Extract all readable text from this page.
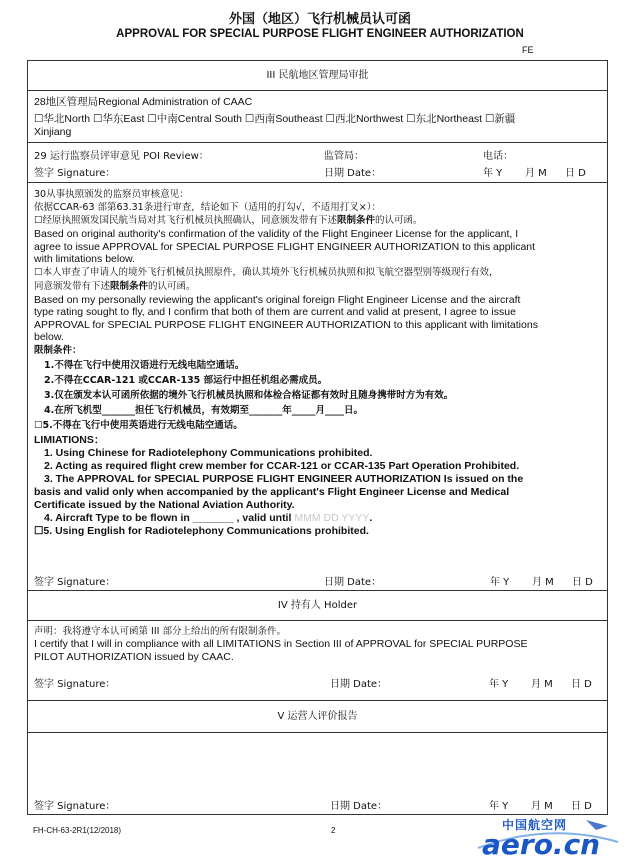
外国（地区）飞行机械员认可函
APPROVAL FOR SPECIAL PURPOSE FLIGHT ENGINEER AUTHORIZATION
FE
III 民航地区管理局审批
28地区管理局Regional Administration of CAAC
☐华北North ☐华东East ☐中南Central South ☐西南Southeast ☐西北Northwest ☐东北Northeast ☐新疆
Xinjiang
29 运行监察员评审意见 POI Review：	监管局：	电话：
签字 Signature：	日期 Date：	年 Y	月 M	日 D
30从事执照颁发的监察员审核意见：
依据CCAR-63 部第63.31条进行审查，结论如下（适用的打勾√，不适用打叉×）：
☐经原执照颁发国民航当局对其飞行机械员执照确认，同意颁发带有下述限制条件的认可函。
Based on original authority's confirmation of the validity of the Flight Engineer License for the applicant, I
agree to issue APPROVAL for SPECIAL PURPOSE FLIGHT ENGINEER AUTHORIZATION to this applicant
with limitations below.
☐本人审查了申请人的境外飞行机械员执照原件，确认其境外飞行机械员执照和拟飞航空器型别等级现行有效，
同意颁发带有下述限制条件的认可函。
Based on my personally reviewing the applicant's original foreign Flight Engineer License and the aircraft
type rating sought to fly, and I confirm that both of them are current and valid at present, I agree to issue
APPROVAL for SPECIAL PURPOSE FLIGHT ENGINEER AUTHORIZATION to this applicant with limitations
below.
限制条件：
1.不得在飞行中使用汉语进行无线电陆空通话。
2.不得在CCAR-121 或CCAR-135 部运行中担任机组必需成员。
3.仅在颁发本认可函所依据的境外飞行机械员执照和体检合格证都有效时且随身携带时方为有效。
4.在所飞机型_______担任飞行机械员，有效期至_______年_____月____日。
☐5.不得在飞行中使用英语进行无线电陆空通话。
LIMIATIONS：
1. Using Chinese for Radiotelephony Communications prohibited.
2. Acting as required flight crew member for CCAR-121 or CCAR-135 Part Operation Prohibited.
3. The APPROVAL for SPECIAL PURPOSE FLIGHT ENGINEER AUTHORIZATION Is issued on the
basis and valid only when accompanied by the applicant's Flight Engineer License and Medical
Certificate issued by the National Aviation Authority.
4. Aircraft Type to be flown in _______ , valid until MMM DD YYYY.
☐5. Using English for Radiotelephony Communications prohibited.
签字 Signature：	日期 Date：	年 Y	月 M	日 D
IV 持有人 Holder
声明：我将遵守本认可函第 III 部分上给出的所有限制条件。
I certify that I will in compliance with all LIMITATIONS in Section III of APPROVAL for SPECIAL PURPOSE
PILOT AUTHORIZATION issued by CAAC.
签字 Signature：	日期 Date：	年 Y	月 M	日 D
V 运营人评价报告
签字 Signature：	日期 Date：	年 Y	月 M	日 D
FH-CH-63-2R1(12/2018)	2	中国航空网
aero.cn
